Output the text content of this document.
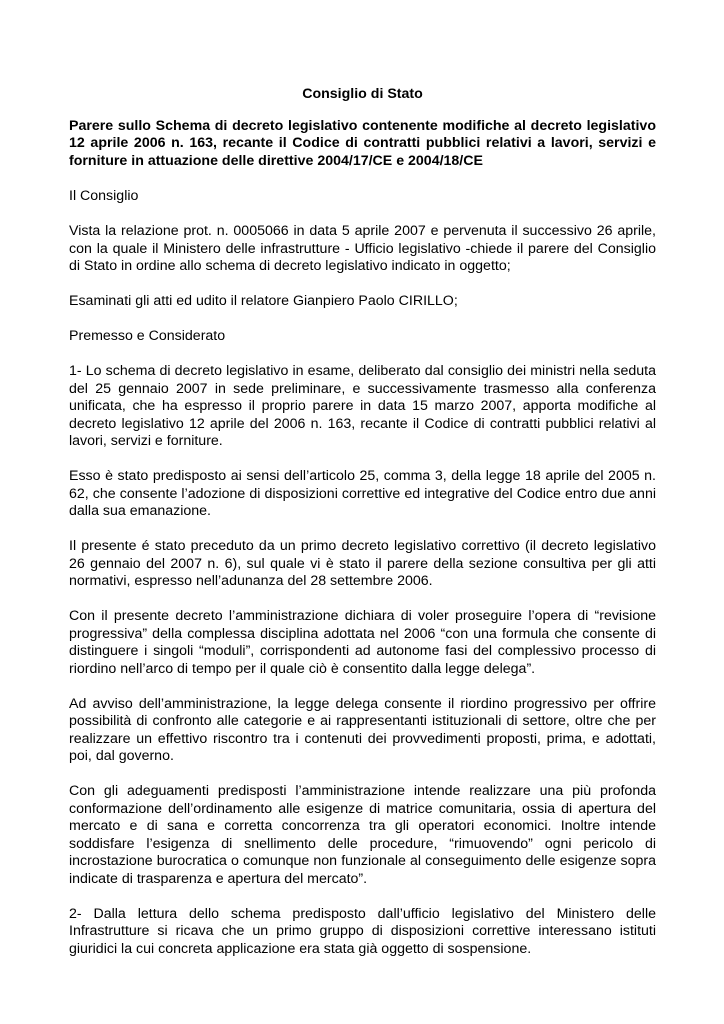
Consiglio di Stato
Parere sullo Schema di decreto legislativo contenente modifiche al decreto legislativo 12 aprile 2006 n. 163, recante il Codice di contratti pubblici relativi a lavori, servizi e forniture in attuazione delle direttive 2004/17/CE e 2004/18/CE

Il Consiglio

Vista la relazione prot. n. 0005066 in data 5 aprile 2007 e pervenuta il successivo 26 aprile, con la quale il Ministero delle infrastrutture - Ufficio legislativo -chiede il parere del Consiglio di Stato in ordine allo schema di decreto legislativo indicato in oggetto;

Esaminati gli atti ed udito il relatore Gianpiero Paolo CIRILLO;

Premesso e Considerato

1- Lo schema di decreto legislativo in esame, deliberato dal consiglio dei ministri nella seduta del 25 gennaio 2007 in sede preliminare, e successivamente trasmesso alla conferenza unificata, che ha espresso il proprio parere in data 15 marzo 2007, apporta modifiche al decreto legislativo 12 aprile del 2006 n. 163, recante il Codice di contratti pubblici relativi al lavori, servizi e forniture.

Esso è stato predisposto ai sensi dell’articolo 25, comma 3, della legge 18 aprile del 2005 n. 62, che consente l’adozione di disposizioni correttive ed integrative del Codice entro due anni dalla sua emanazione.

Il presente é stato preceduto da un primo decreto legislativo correttivo (il decreto legislativo 26 gennaio del 2007 n. 6), sul quale vi è stato il parere della sezione consultiva per gli atti normativi, espresso nell’adunanza del 28 settembre 2006.

Con il presente decreto l’amministrazione dichiara di voler proseguire l’opera di “revisione progressiva” della complessa disciplina adottata nel 2006 “con una formula che consente di distinguere i singoli “moduli”, corrispondenti ad autonome fasi del complessivo processo di riordino nell’arco di tempo per il quale ciò è consentito dalla legge delega”.

Ad avviso dell’amministrazione, la legge delega consente il riordino progressivo per offrire possibilità di confronto alle categorie e ai rappresentanti istituzionali di settore, oltre che per realizzare un effettivo riscontro tra i contenuti dei provvedimenti proposti, prima, e adottati, poi, dal governo.

Con gli adeguamenti predisposti l’amministrazione intende realizzare una più profonda conformazione dell’ordinamento alle esigenze di matrice comunitaria, ossia di apertura del mercato e di sana e corretta concorrenza tra gli operatori economici. Inoltre intende soddisfare l’esigenza di snellimento delle procedure, “rimuovendo” ogni pericolo di incrostazione burocratica o comunque non funzionale al conseguimento delle esigenze sopra indicate di trasparenza e apertura del mercato”.

2- Dalla lettura dello schema predisposto dall’ufficio legislativo del Ministero delle Infrastrutture si ricava che un primo gruppo di disposizioni correttive interessano istituti giuridici la cui concreta applicazione era stata già oggetto di sospensione.
